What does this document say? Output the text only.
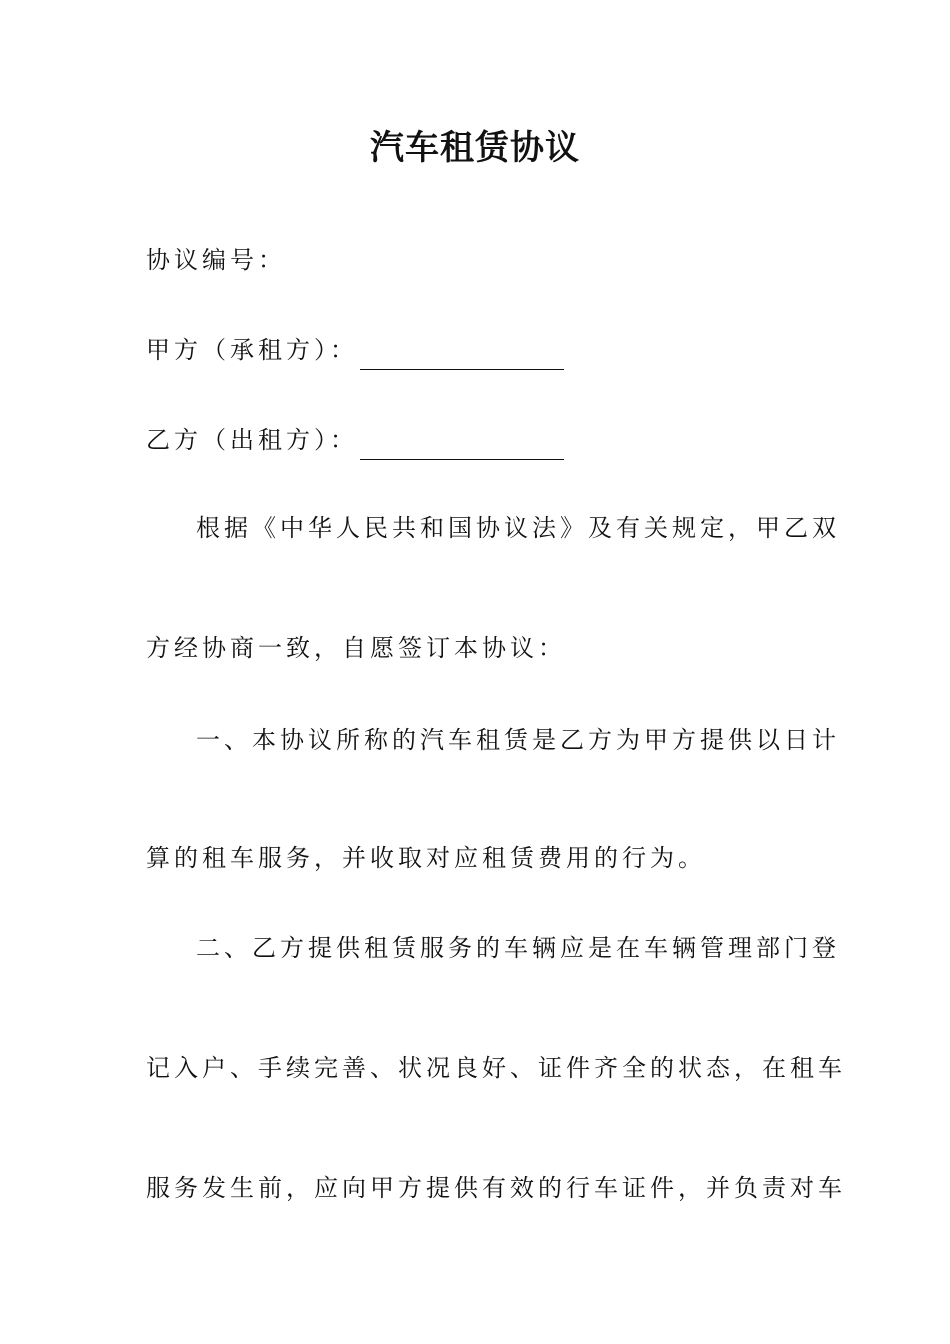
汽车租赁协议
协议编号：
甲方（承租方）：
乙方（出租方）：
根据《中华人民共和国协议法》及有关规定，甲乙双
方经协商一致，自愿签订本协议：
一、本协议所称的汽车租赁是乙方为甲方提供以日计
算的租车服务，并收取对应租赁费用的行为。
二、乙方提供租赁服务的车辆应是在车辆管理部门登
记入户、手续完善、状况良好、证件齐全的状态，在租车
服务发生前，应向甲方提供有效的行车证件，并负责对车
